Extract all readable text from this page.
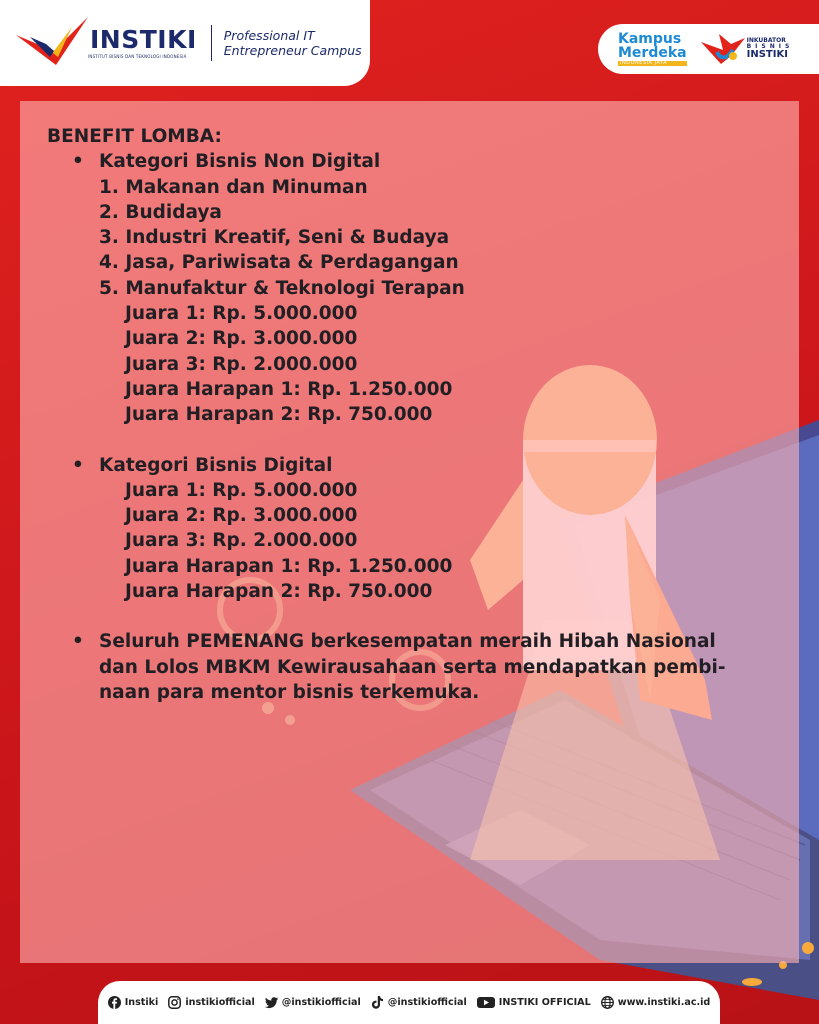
INSTIKI
INSTITUT BISNIS DAN TEKNOLOGI INDONESIA
Professional IT
Entrepreneur Campus
Kampus
Merdeka
INDONESIA JAYA
INKUBATOR
BISNIS
INSTIKI
BENEFIT LOMBA:
• Kategori Bisnis Non Digital
1. Makanan dan Minuman
2. Budidaya
3. Industri Kreatif, Seni & Budaya
4. Jasa, Pariwisata & Perdagangan
5. Manufaktur & Teknologi Terapan
Juara 1: Rp. 5.000.000
Juara 2: Rp. 3.000.000
Juara 3: Rp. 2.000.000
Juara Harapan 1: Rp. 1.250.000
Juara Harapan 2: Rp. 750.000
• Kategori Bisnis Digital
Juara 1: Rp. 5.000.000
Juara 2: Rp. 3.000.000
Juara 3: Rp. 2.000.000
Juara Harapan 1: Rp. 1.250.000
Juara Harapan 2: Rp. 750.000
• Seluruh PEMENANG berkesempatan meraih Hibah Nasional
dan Lolos MBKM Kewirausahaan serta mendapatkan pembi-
naan para mentor bisnis terkemuka.
Instiki	instikiofficial	@instikiofficial	@instikiofficial	INSTIKI OFFICIAL	www.instiki.ac.id
